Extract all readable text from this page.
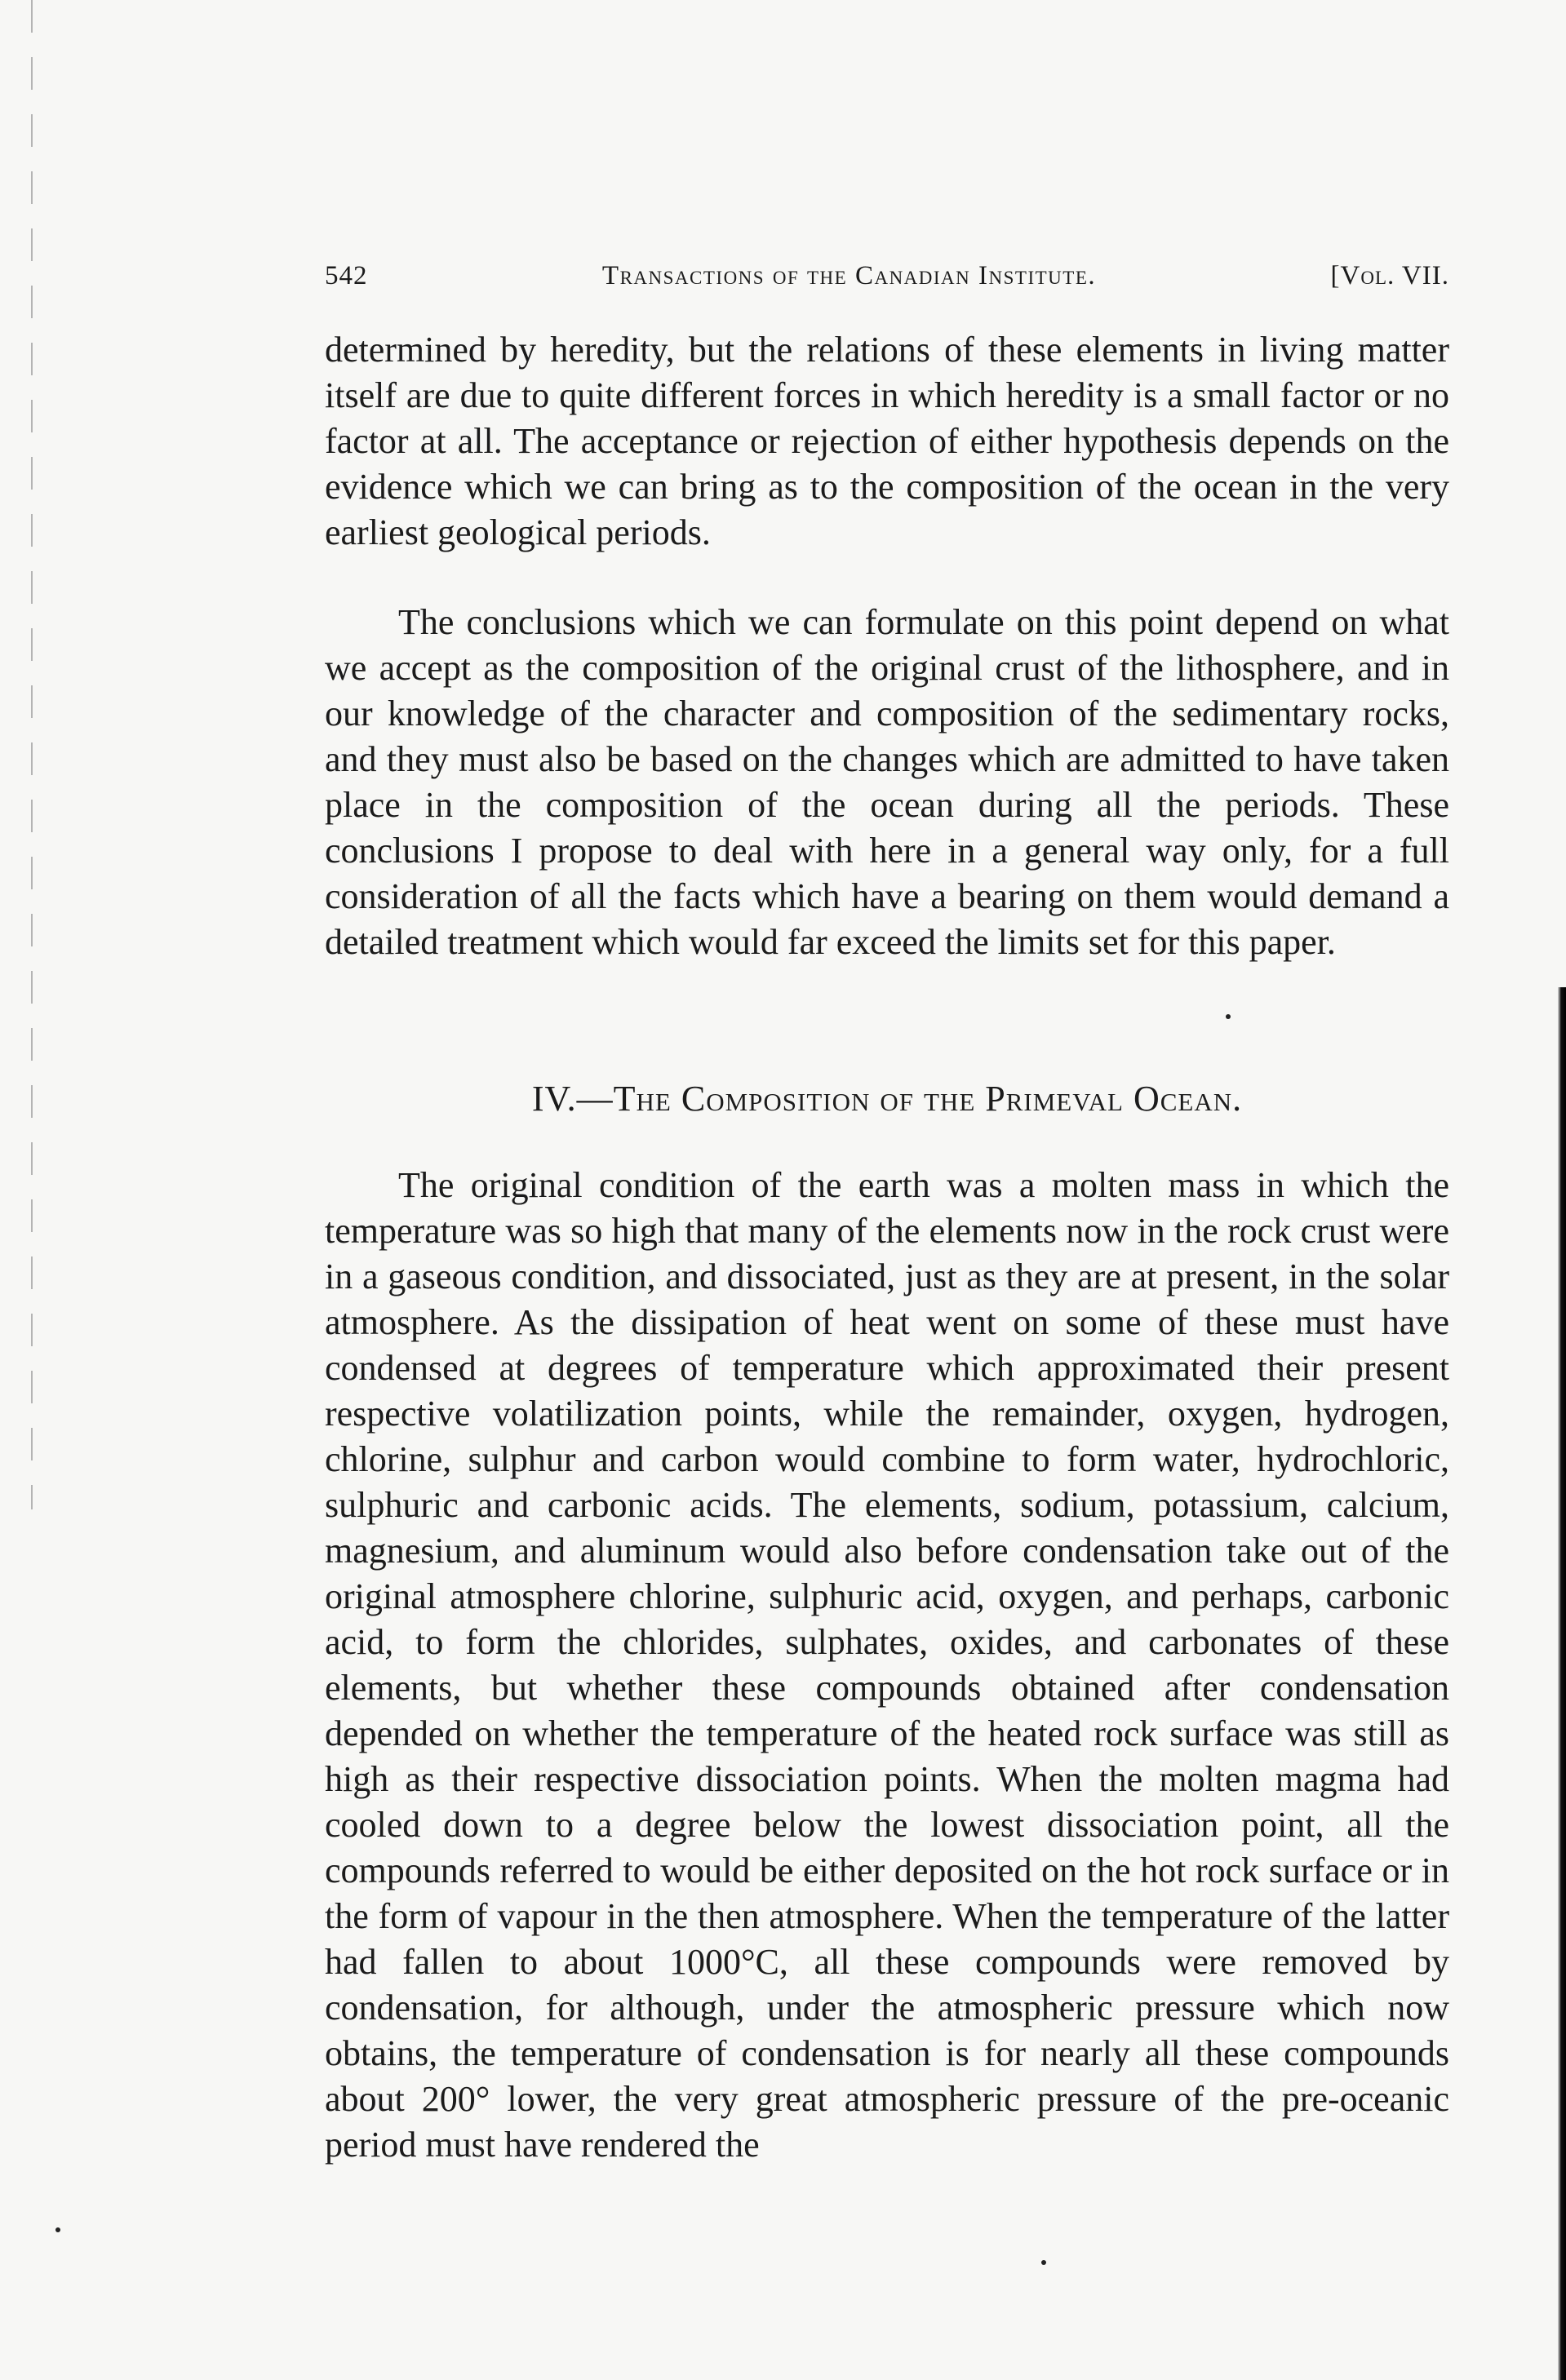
542	Transactions of the Canadian Institute.	[Vol. VII.

determined by heredity, but the relations of these elements in living matter itself are due to quite different forces in which heredity is a small factor or no factor at all. The acceptance or rejection of either hypothesis depends on the evidence which we can bring as to the composition of the ocean in the very earliest geological periods.

The conclusions which we can formulate on this point depend on what we accept as the composition of the original crust of the lithosphere, and in our knowledge of the character and composition of the sedimentary rocks, and they must also be based on the changes which are admitted to have taken place in the composition of the ocean during all the periods. These conclusions I propose to deal with here in a general way only, for a full consideration of all the facts which have a bearing on them would demand a detailed treatment which would far exceed the limits set for this paper.

IV.—The Composition of the Primeval Ocean.

The original condition of the earth was a molten mass in which the temperature was so high that many of the elements now in the rock crust were in a gaseous condition, and dissociated, just as they are at present, in the solar atmosphere. As the dissipation of heat went on some of these must have condensed at degrees of temperature which approximated their present respective volatilization points, while the remainder, oxygen, hydrogen, chlorine, sulphur and carbon would combine to form water, hydrochloric, sulphuric and carbonic acids. The elements, sodium, potassium, calcium, magnesium, and aluminum would also before condensation take out of the original atmosphere chlorine, sulphuric acid, oxygen, and perhaps, carbonic acid, to form the chlorides, sulphates, oxides, and carbonates of these elements, but whether these compounds obtained after condensation depended on whether the temperature of the heated rock surface was still as high as their respective dissociation points. When the molten magma had cooled down to a degree below the lowest dissociation point, all the compounds referred to would be either deposited on the hot rock surface or in the form of vapour in the then atmosphere. When the temperature of the latter had fallen to about 1000°C, all these compounds were removed by condensation, for although, under the atmospheric pressure which now obtains, the temperature of condensation is for nearly all these compounds about 200° lower, the very great atmospheric pressure of the pre-oceanic period must have rendered the
